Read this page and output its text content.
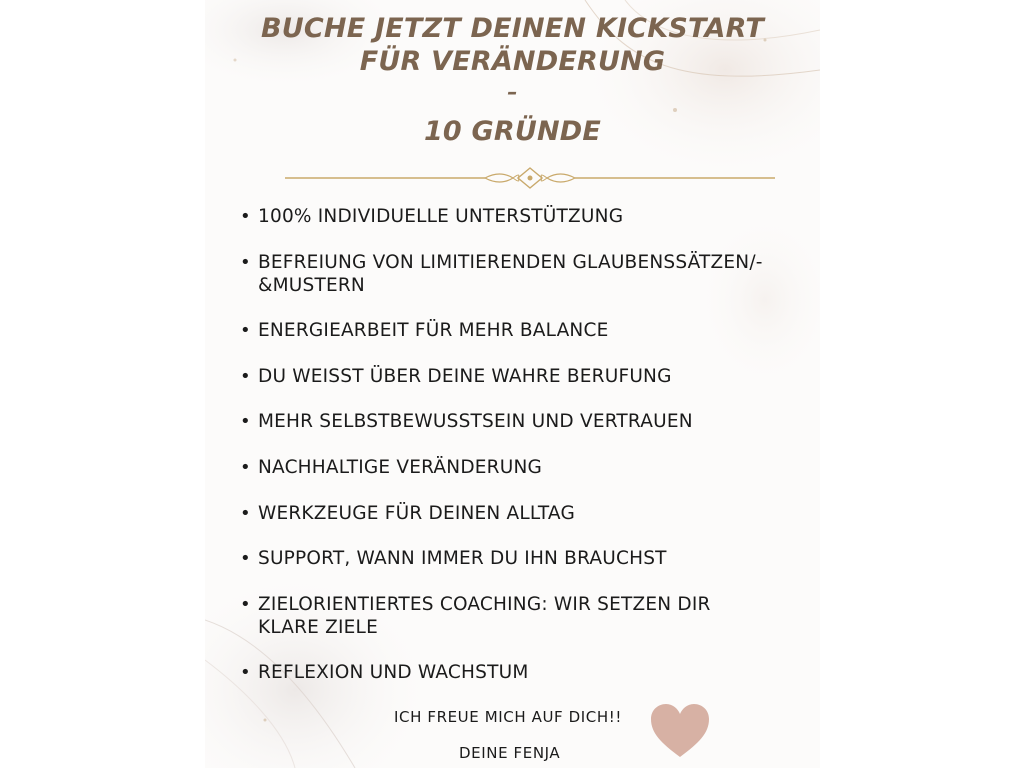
BUCHE JETZT DEINEN KICKSTART

FÜR VERÄNDERUNG

–

10 GRÜNDE

• 100% INDIVIDUELLE UNTERSTÜTZUNG
• BEFREIUNG VON LIMITIERENDEN GLAUBENSSÄTZEN/-
&MUSTERN
• ENERGIEARBEIT FÜR MEHR BALANCE
• DU WEISST ÜBER DEINE WAHRE BERUFUNG
• MEHR SELBSTBEWUSSTSEIN UND VERTRAUEN
• NACHHALTIGE VERÄNDERUNG
• WERKZEUGE FÜR DEINEN ALLTAG
• SUPPORT, WANN IMMER DU IHN BRAUCHST
• ZIELORIENTIERTES COACHING: WIR SETZEN DIR
KLARE ZIELE
• REFLEXION UND WACHSTUM
ICH FREUE MICH AUF DICH!!
DEINE FENJA
